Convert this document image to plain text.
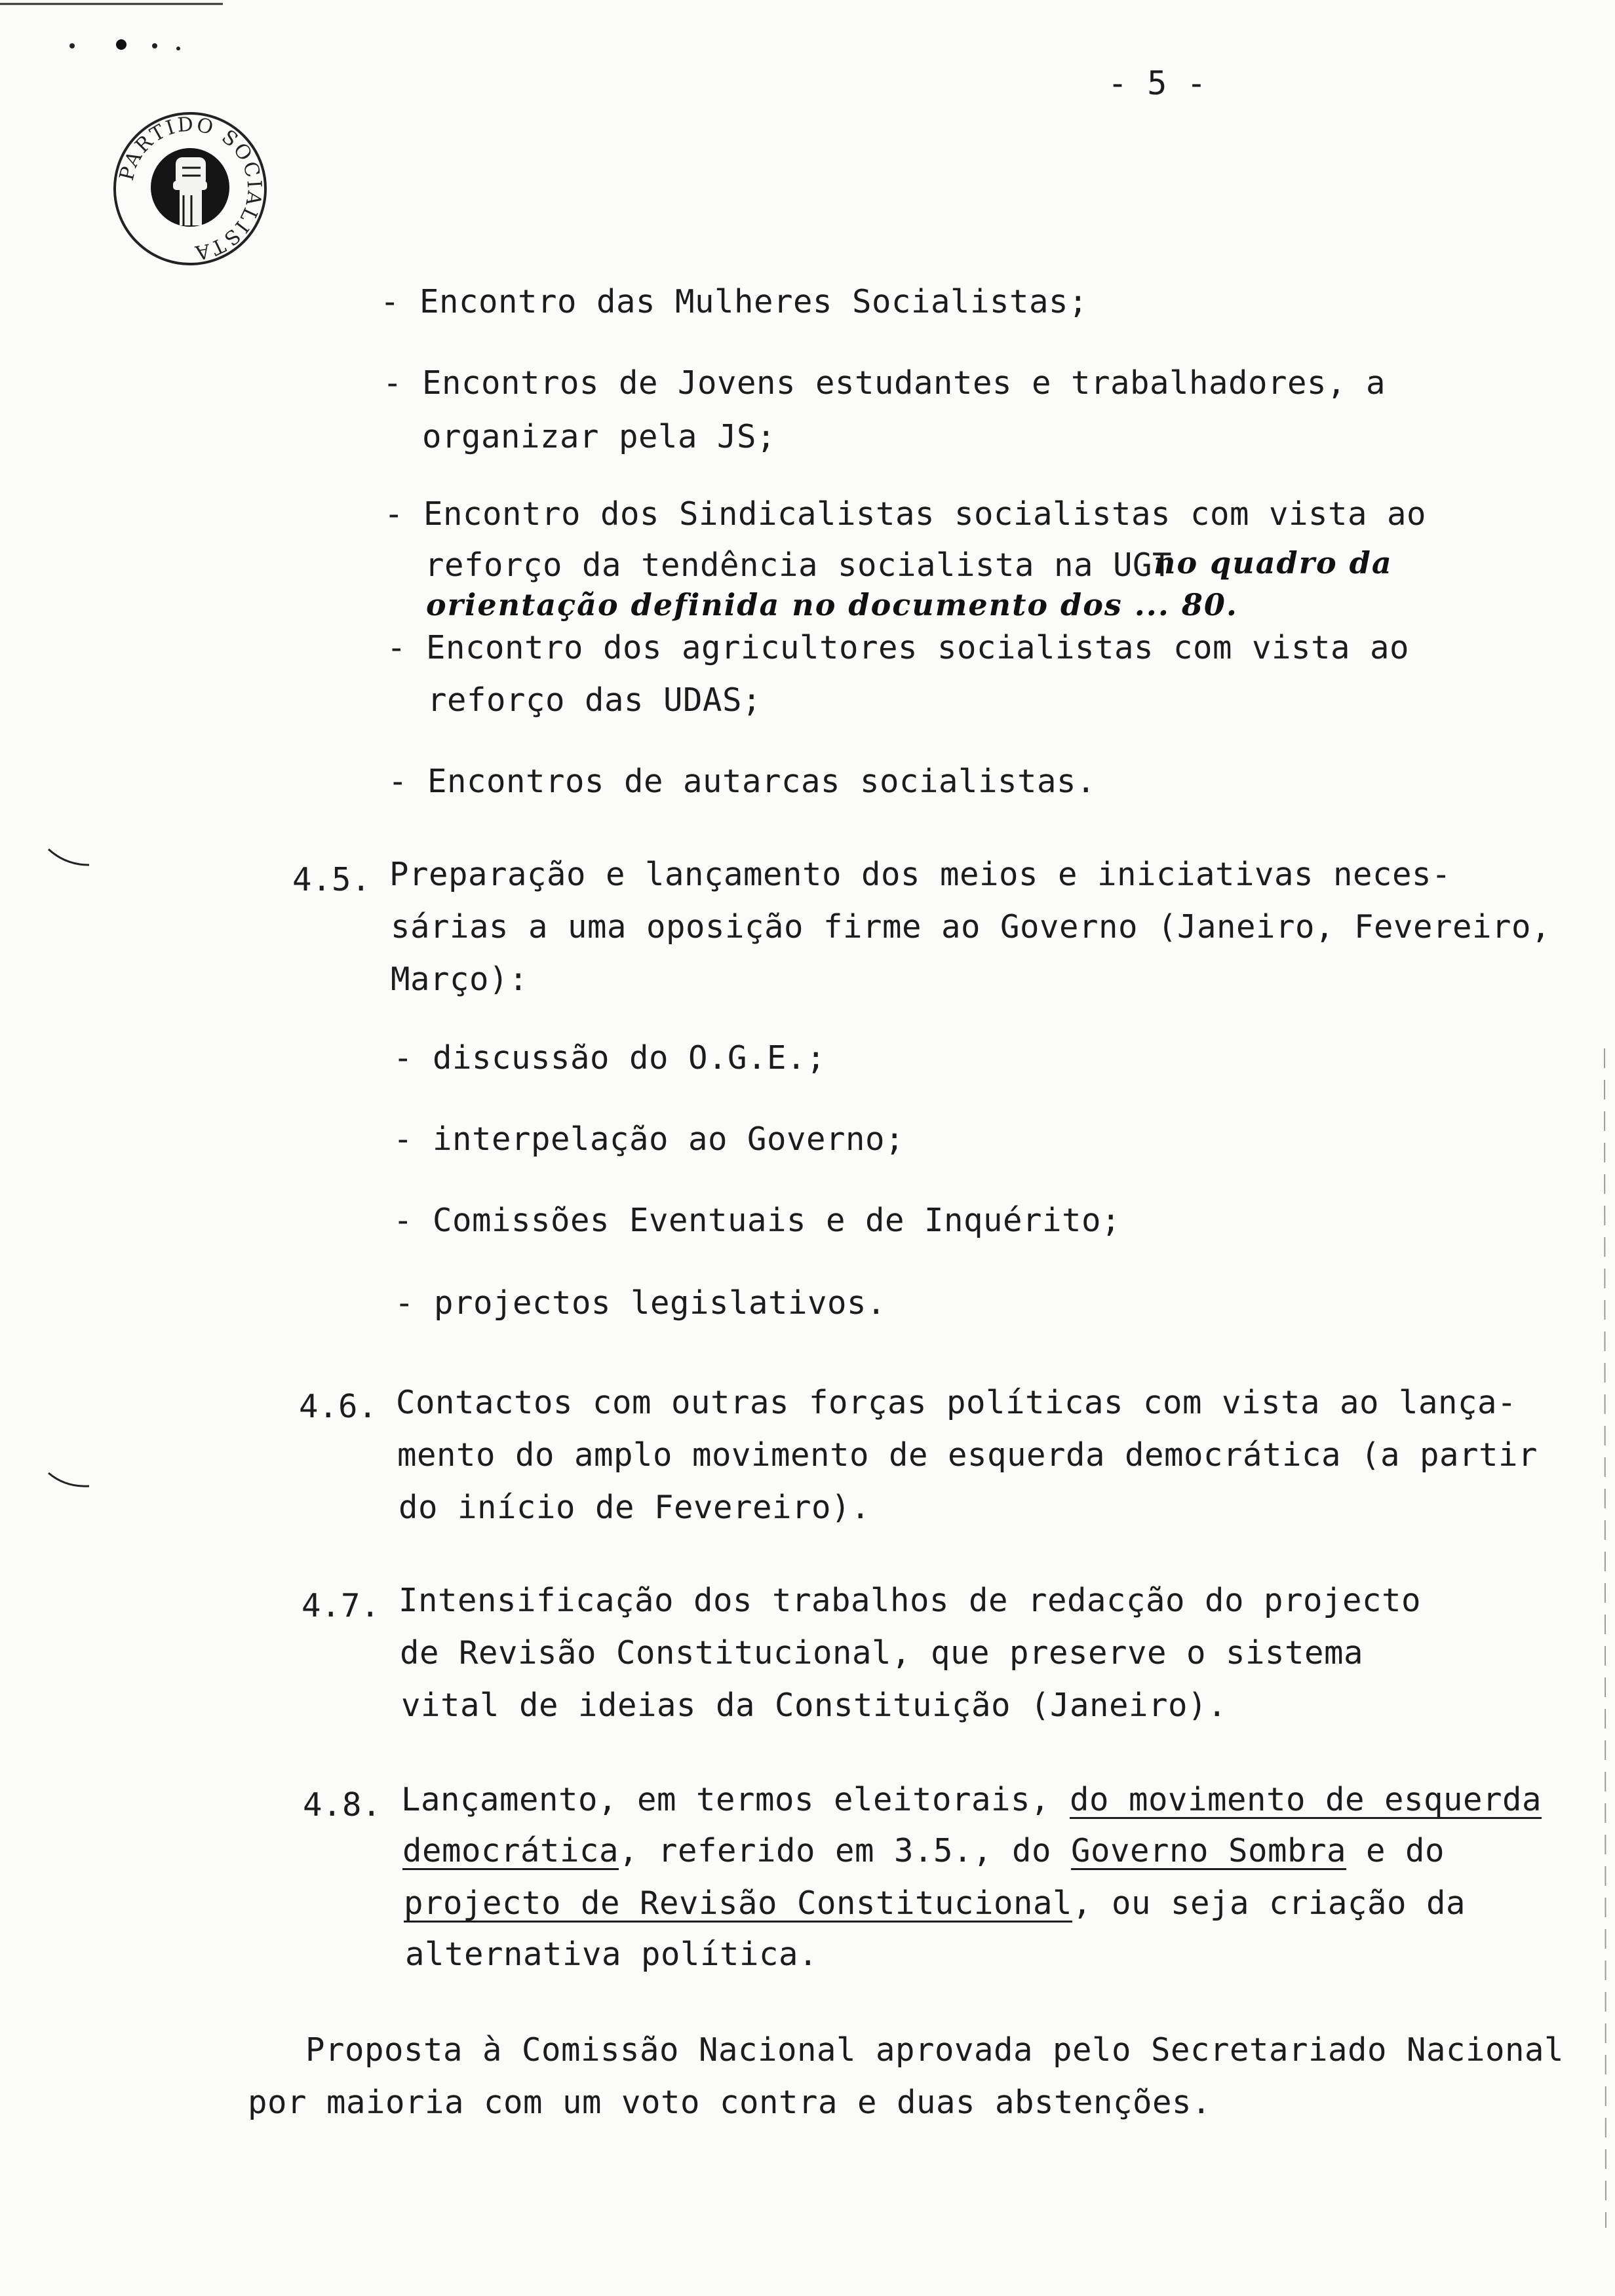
- 5 -
PARTIDO SOCIALISTA
- Encontro das Mulheres Socialistas;
- Encontros de Jovens estudantes e trabalhadores, a
organizar pela JS;
- Encontro dos Sindicalistas socialistas com vista ao
reforço da tendência socialista na UGT
no quadro da
orientação definida no documento dos ... 80.
- Encontro dos agricultores socialistas com vista ao
reforço das UDAS;
- Encontros de autarcas socialistas.
4.5. Preparação e lançamento dos meios e iniciativas neces-
sárias a uma oposição firme ao Governo (Janeiro, Fevereiro,
Março):
- discussão do O.G.E.;
- interpelação ao Governo;
- Comissões Eventuais e de Inquérito;
- projectos legislativos.
4.6. Contactos com outras forças políticas com vista ao lança-
mento do amplo movimento de esquerda democrática (a partir
do início de Fevereiro).
4.7. Intensificação dos trabalhos de redacção do projecto
de Revisão Constitucional, que preserve o sistema
vital de ideias da Constituição (Janeiro).
4.8. Lançamento, em termos eleitorais, do movimento de esquerda
democrática, referido em 3.5., do Governo Sombra e do
projecto de Revisão Constitucional, ou seja criação da
alternativa política.
Proposta à Comissão Nacional aprovada pelo Secretariado Nacional
por maioria com um voto contra e duas abstenções.
